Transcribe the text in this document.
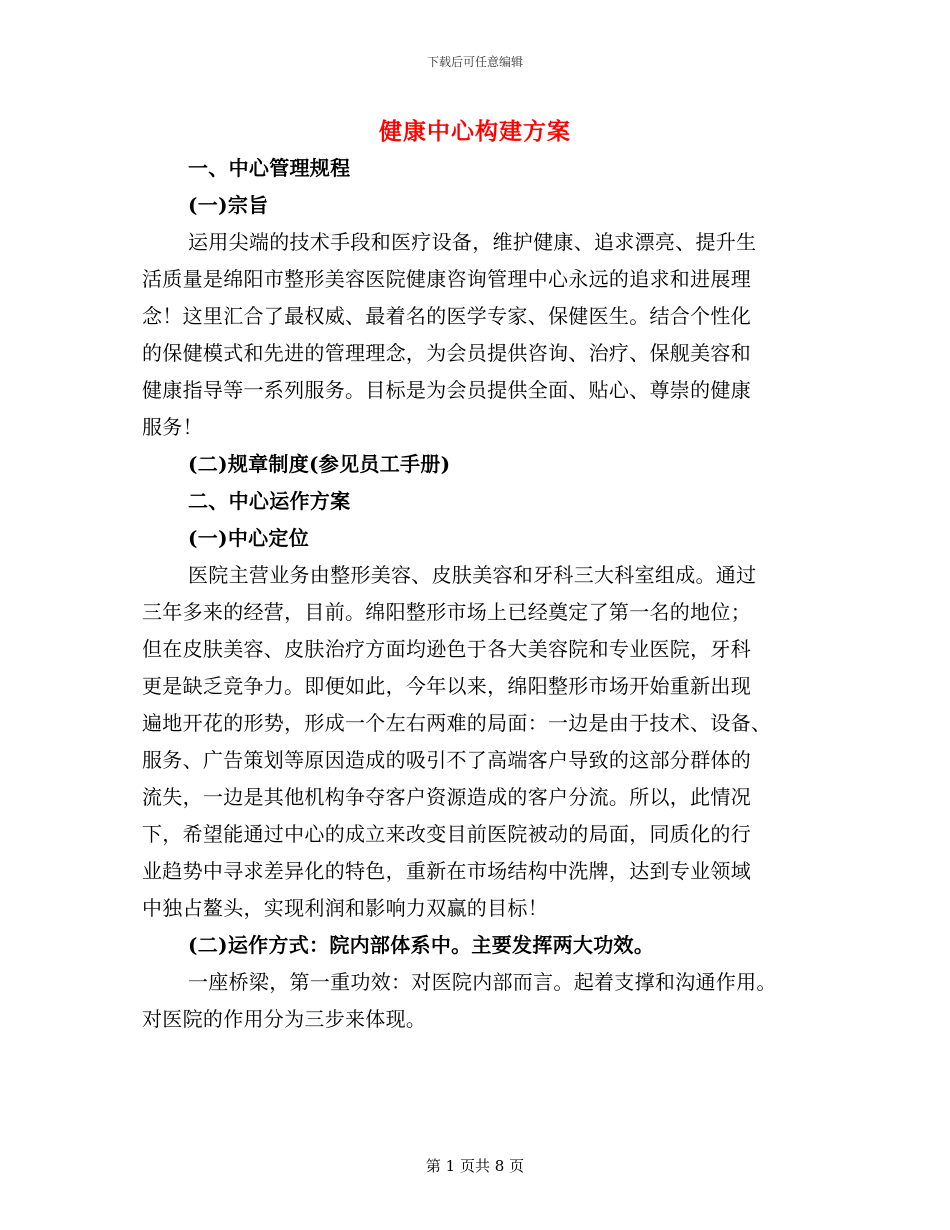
下载后可任意编辑
健康中心构建方案
一、中心管理规程
(一)宗旨
运用尖端的技术手段和医疗设备，维护健康、追求漂亮、提升生
活质量是绵阳市整形美容医院健康咨询管理中心永远的追求和进展理
念！这里汇合了最权威、最着名的医学专家、保健医生。结合个性化
的保健模式和先进的管理理念，为会员提供咨询、治疗、保舰美容和
健康指导等一系列服务。目标是为会员提供全面、贴心、尊崇的健康
服务！
(二)规章制度(参见员工手册)
二、中心运作方案
(一)中心定位
医院主营业务由整形美容、皮肤美容和牙科三大科室组成。通过
三年多来的经营，目前。绵阳整形市场上已经奠定了第一名的地位；
但在皮肤美容、皮肤治疗方面均逊色于各大美容院和专业医院，牙科
更是缺乏竞争力。即便如此，今年以来，绵阳整形市场开始重新出现
遍地开花的形势，形成一个左右两难的局面：一边是由于技术、设备、
服务、广告策划等原因造成的吸引不了高端客户导致的这部分群体的
流失，一边是其他机构争夺客户资源造成的客户分流。所以，此情况
下，希望能通过中心的成立来改变目前医院被动的局面，同质化的行
业趋势中寻求差异化的特色，重新在市场结构中洗牌，达到专业领域
中独占鳌头，实现利润和影响力双赢的目标！
(二)运作方式：院内部体系中。主要发挥两大功效。
一座桥梁，第一重功效：对医院内部而言。起着支撑和沟通作用。
对医院的作用分为三步来体现。
第 1 页共 8 页
